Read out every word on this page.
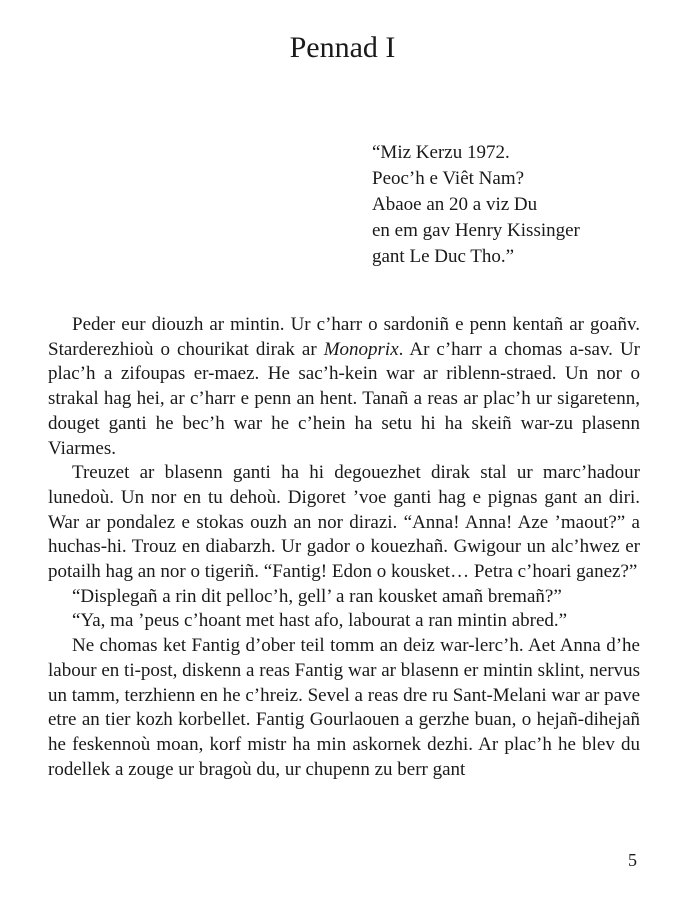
Pennad I
“Miz Kerzu 1972.
Peoc’h e Viêt Nam?
Abaoe an 20 a viz Du
en em gav Henry Kissinger
gant Le Duc Tho.”

Peder eur diouzh ar mintin. Ur c’harr o sardoniñ e penn kentañ ar goañv. Starderezhioù o chourikat dirak ar Monoprix. Ar c’harr a chomas a-sav. Ur plac’h a zifoupas er-maez. He sac’h-kein war ar riblenn-straed. Un nor o strakal hag hei, ar c’harr e penn an hent. Tanañ a reas ar plac’h ur sigaretenn, douget ganti he bec’h war he c’hein ha setu hi ha skeiñ war-zu plasenn Viarmes.

Treuzet ar blasenn ganti ha hi degouezhet dirak stal ur marc’hadour lunedoù. Un nor en tu dehoù. Digoret ’voe ganti hag e pignas gant an diri. War ar pondalez e stokas ouzh an nor dirazi. “Anna! Anna! Aze ’maout?” a huchas-hi. Trouz en diabarzh. Ur gador o kouezhañ. Gwigour un alc’hwez er potailh hag an nor o tigeriñ. “Fantig! Edon o kousket… Petra c’hoari ganez?”

“Displegañ a rin dit pelloc’h, gell’ a ran kousket amañ bremañ?”

“Ya, ma ’peus c’hoant met hast afo, labourat a ran mintin abred.”

Ne chomas ket Fantig d’ober teil tomm an deiz war-lerc’h. Aet Anna d’he labour en ti-post, diskenn a reas Fantig war ar blasenn er mintin sklint, nervus un tamm, terzhienn en he c’hreiz. Sevel a reas dre ru Sant-Melani war ar pave etre an tier kozh korbellet. Fantig Gourlaouen a gerzhe buan, o hejañ-dihejañ he feskennoù moan, korf mistr ha min askornek dezhi. Ar plac’h he blev du rodellek a zouge ur bragoù du, ur chupenn zu berr gant

5
